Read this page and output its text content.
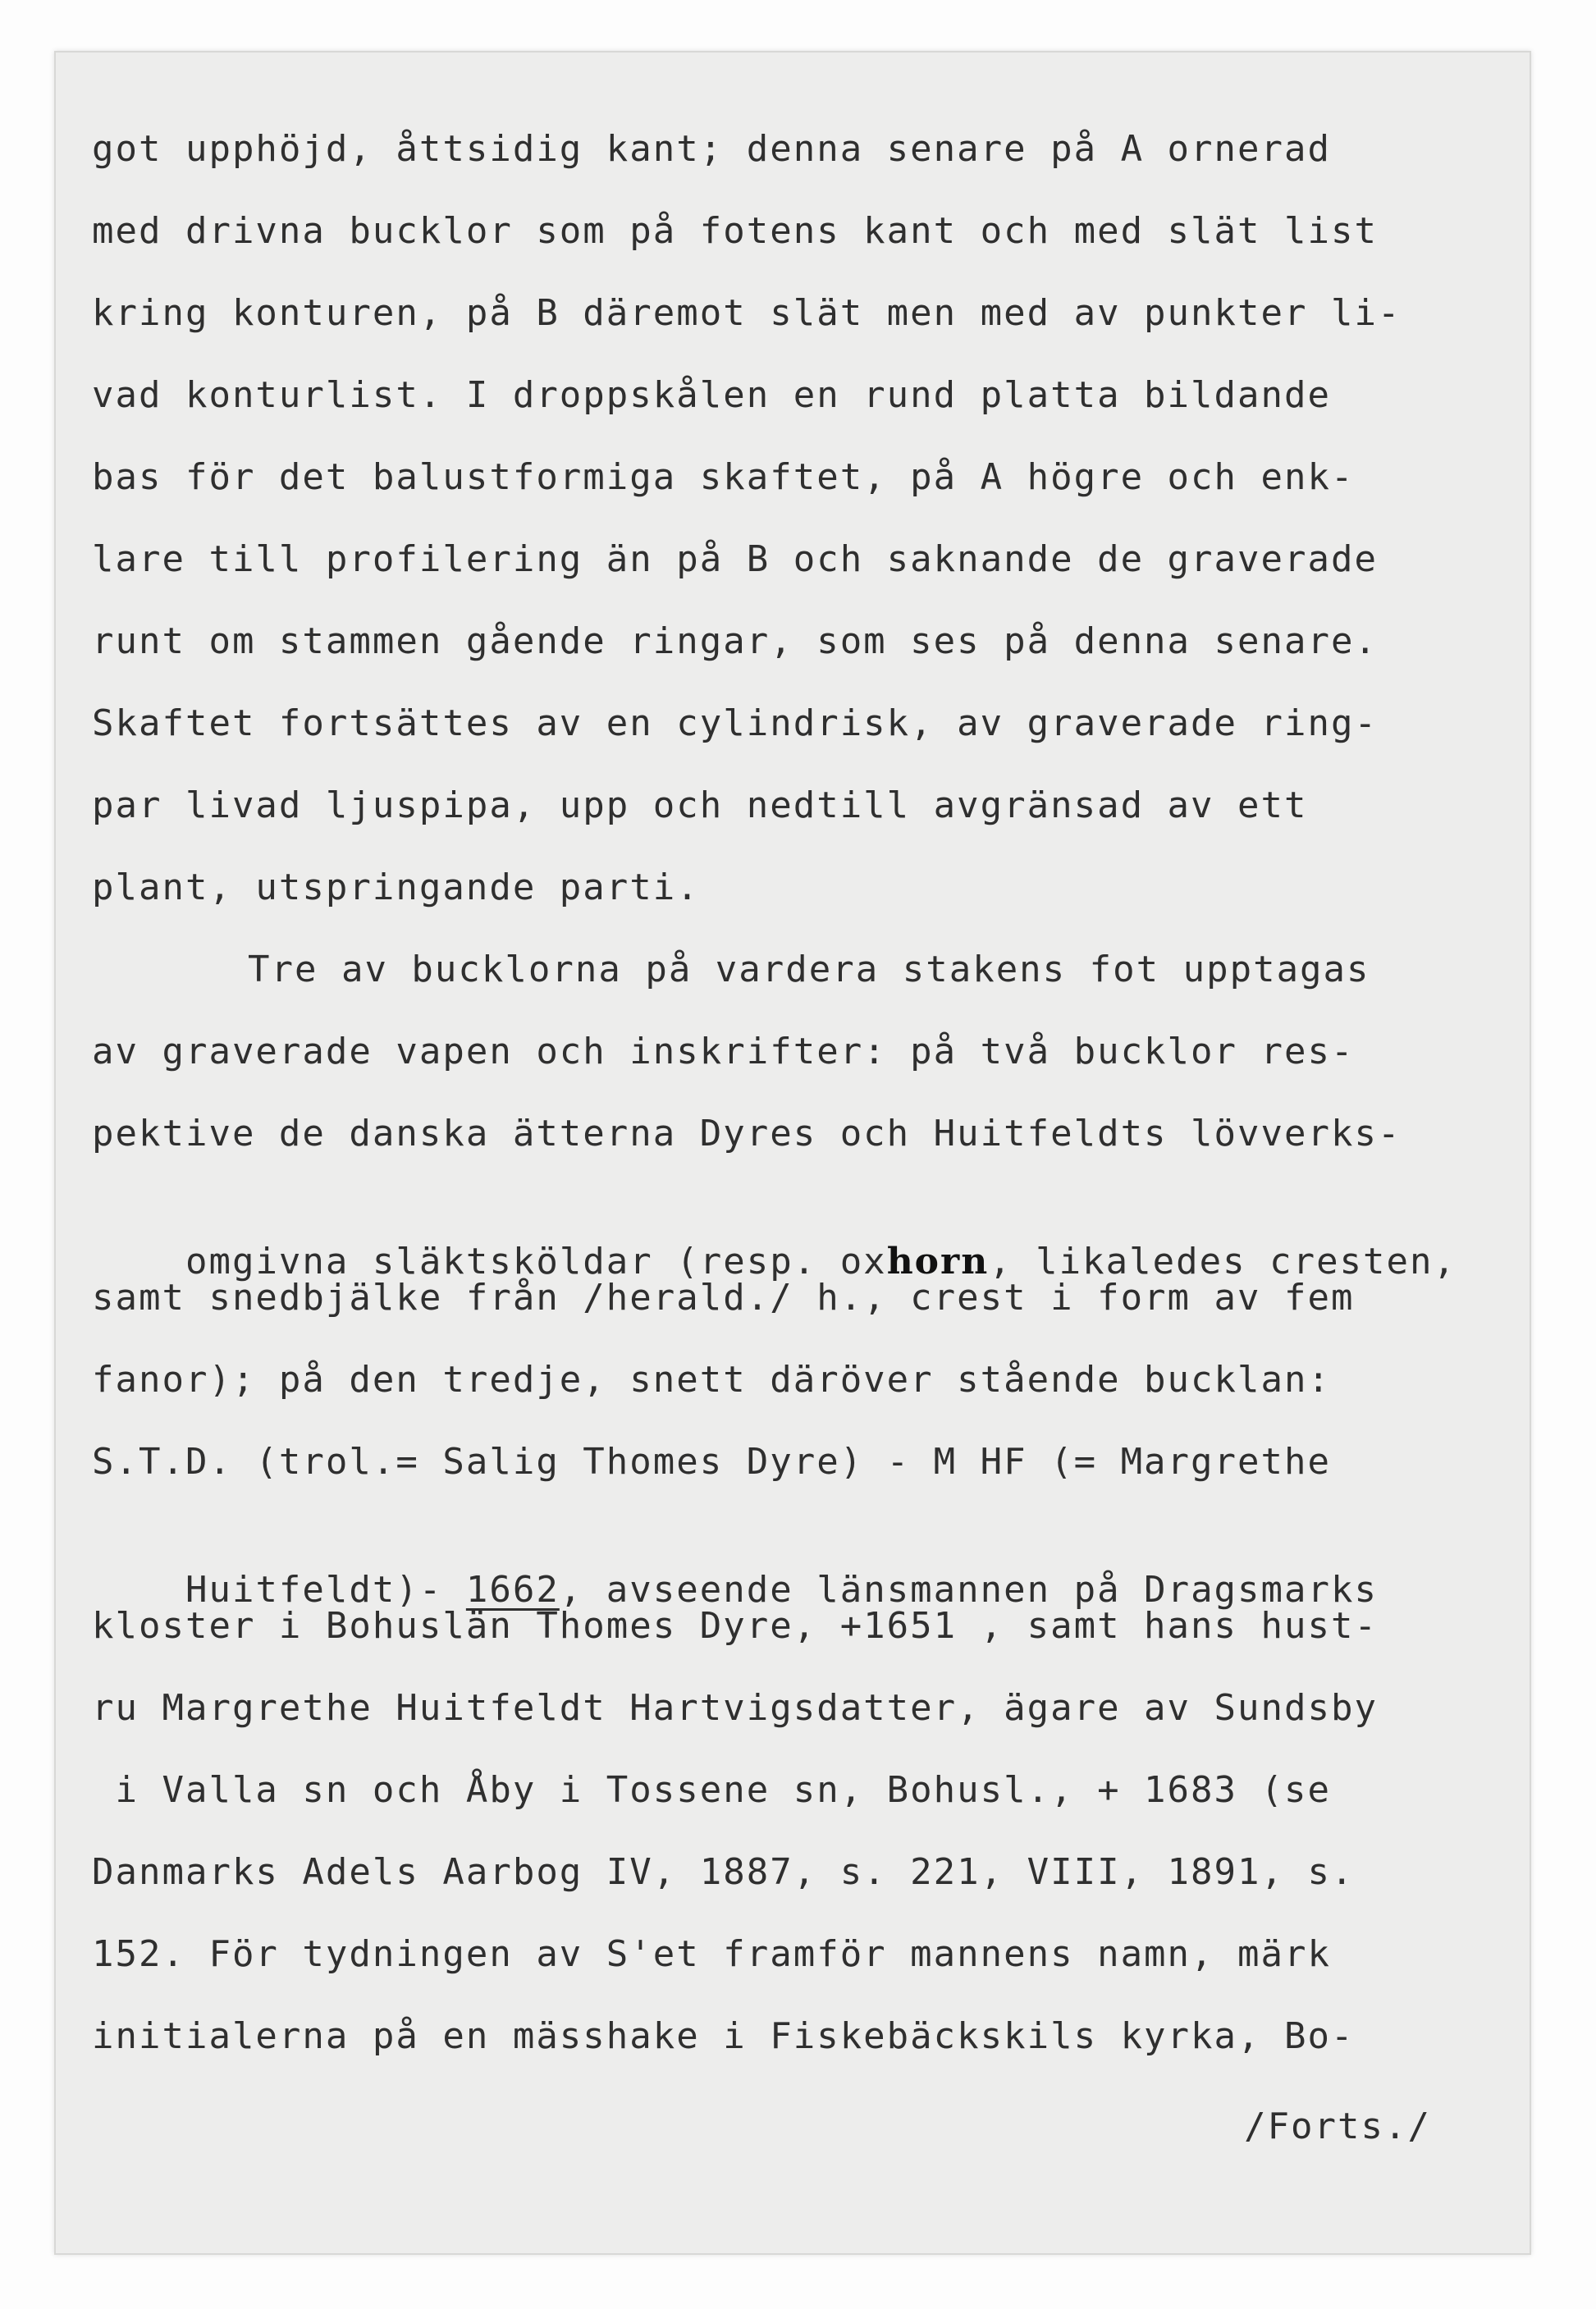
got upphöjd, åttsidig kant; denna senare på A ornerad

med drivna bucklor som på fotens kant och med slät list

kring konturen, på B däremot slät men med av punkter li-

vad konturlist. I droppskålen en rund platta bildande

bas för det balustformiga skaftet, på A högre och enk-

lare till profilering än på B och saknande de graverade

runt om stammen gående ringar, som ses på denna senare.

Skaftet fortsättes av en cylindrisk, av graverade ring-

par livad ljuspipa, upp och nedtill avgränsad av ett

plant, utspringande parti.

Tre av bucklorna på vardera stakens fot upptagas

av graverade vapen och inskrifter: på två bucklor res-

pektive de danska ätterna Dyres och Huitfeldts lövverks-

omgivna släktsköldar (resp. oxhorn, likaledes cresten,

samt snedbjälke från /herald./ h., crest i form av fem

fanor); på den tredje, snett däröver stående bucklan:

S.T.D. (trol.= Salig Thomes Dyre) - M HF (= Margrethe

Huitfeldt)- 1662, avseende länsmannen på Dragsmarks

kloster i Bohuslän Thomes Dyre, +1651 , samt hans hust-

ru Margrethe Huitfeldt Hartvigsdatter, ägare av Sundsby

i Valla sn och Åby i Tossene sn, Bohusl., + 1683 (se

Danmarks Adels Aarbog IV, 1887, s. 221, VIII, 1891, s.

152. För tydningen av S'et framför mannens namn, märk

initialerna på en mässhake i Fiskebäckskils kyrka, Bo-

/Forts./
